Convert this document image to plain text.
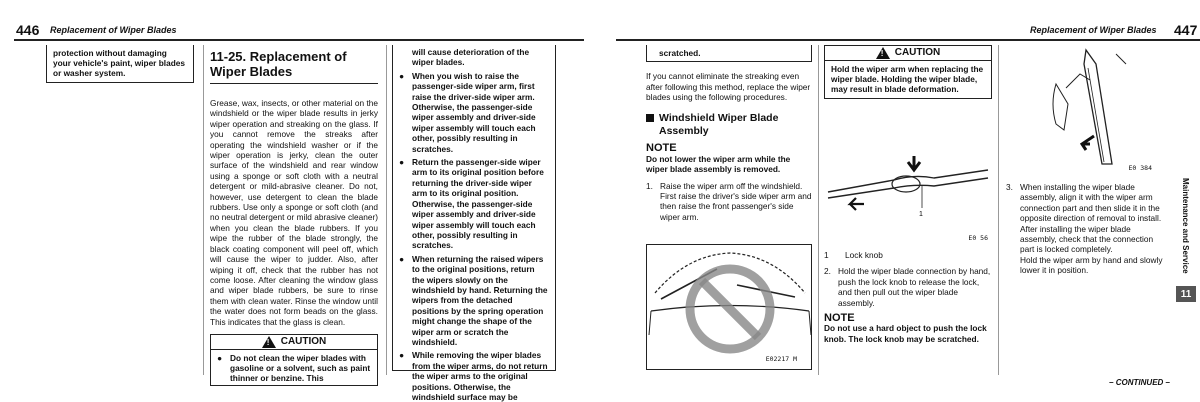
446 Replacement of Wiper Blades
protection without damaging your vehicle's paint, wiper blades or washer system.
11-25. Replacement of Wiper Blades
Grease, wax, insects, or other material on the windshield or the wiper blade results in jerky wiper operation and streaking on the glass. If you cannot remove the streaks after operating the windshield washer or if the wiper operation is jerky, clean the outer surface of the windshield and rear window using a sponge or soft cloth with a neutral detergent or mild-abrasive cleaner. Do not, however, use detergent to clean the blade rubbers. Use only a sponge or soft cloth (and no neutral detergent or mild abrasive cleaner) when you clean the blade rubbers. If you wipe the rubber of the blade strongly, the black coating component will peel off, which will cause the wiper to judder. Also, after wiping it off, check that the rubber has not come loose. After cleaning the window glass and wiper blade rubbers, be sure to rinse them with clean water. Rinse the window until the water does not form beads on the glass. This indicates that the glass is clean.
!
CAUTION
● Do not clean the wiper blades with gasoline or a solvent, such as paint thinner or benzine. This
will cause deterioration of the wiper blades.
● When you wish to raise the passenger-side wiper arm, first raise the driver-side wiper arm. Otherwise, the passenger-side wiper assembly and driver-side wiper assembly will touch each other, possibly resulting in scratches.
● Return the passenger-side wiper arm to its original position before returning the driver-side wiper arm to its original position. Otherwise, the passenger-side wiper assembly and driver-side wiper assembly will touch each other, possibly resulting in scratches.
● When returning the raised wipers to the original positions, return the wipers slowly on the windshield by hand. Returning the wipers from the detached positions by the spring operation might change the shape of the wiper arm or scratch the windshield.
● While removing the wiper blades from the wiper arms, do not return the wiper arms to the original positions. Otherwise, the windshield surface may be
Replacement of Wiper Blades 447
scratched.
If you cannot eliminate the streaking even after following this method, replace the wiper blades using the following procedures.
Windshield Wiper Blade Assembly
NOTE
Do not lower the wiper arm while the wiper blade assembly is removed.
1. Raise the wiper arm off the windshield. First raise the driver's side wiper arm and then raise the front passenger's side wiper arm.
E02217 M
!
CAUTION
Hold the wiper arm when replacing the wiper blade. Holding the wiper blade, may result in blade deformation.
1
E0 56
1	Lock knob
2. Hold the wiper blade connection by hand, push the lock knob to release the lock, and then pull out the wiper blade assembly.
NOTE
Do not use a hard object to push the lock knob. The lock knob may be scratched.
E0 384
3. When installing the wiper blade assembly, align it with the wiper arm connection part and then slide it in the opposite direction of removal to install. After installing the wiper blade assembly, check that the connection part is locked completely.
Hold the wiper arm by hand and slowly lower it in position.	Maintenance and Service
11
– CONTINUED –
